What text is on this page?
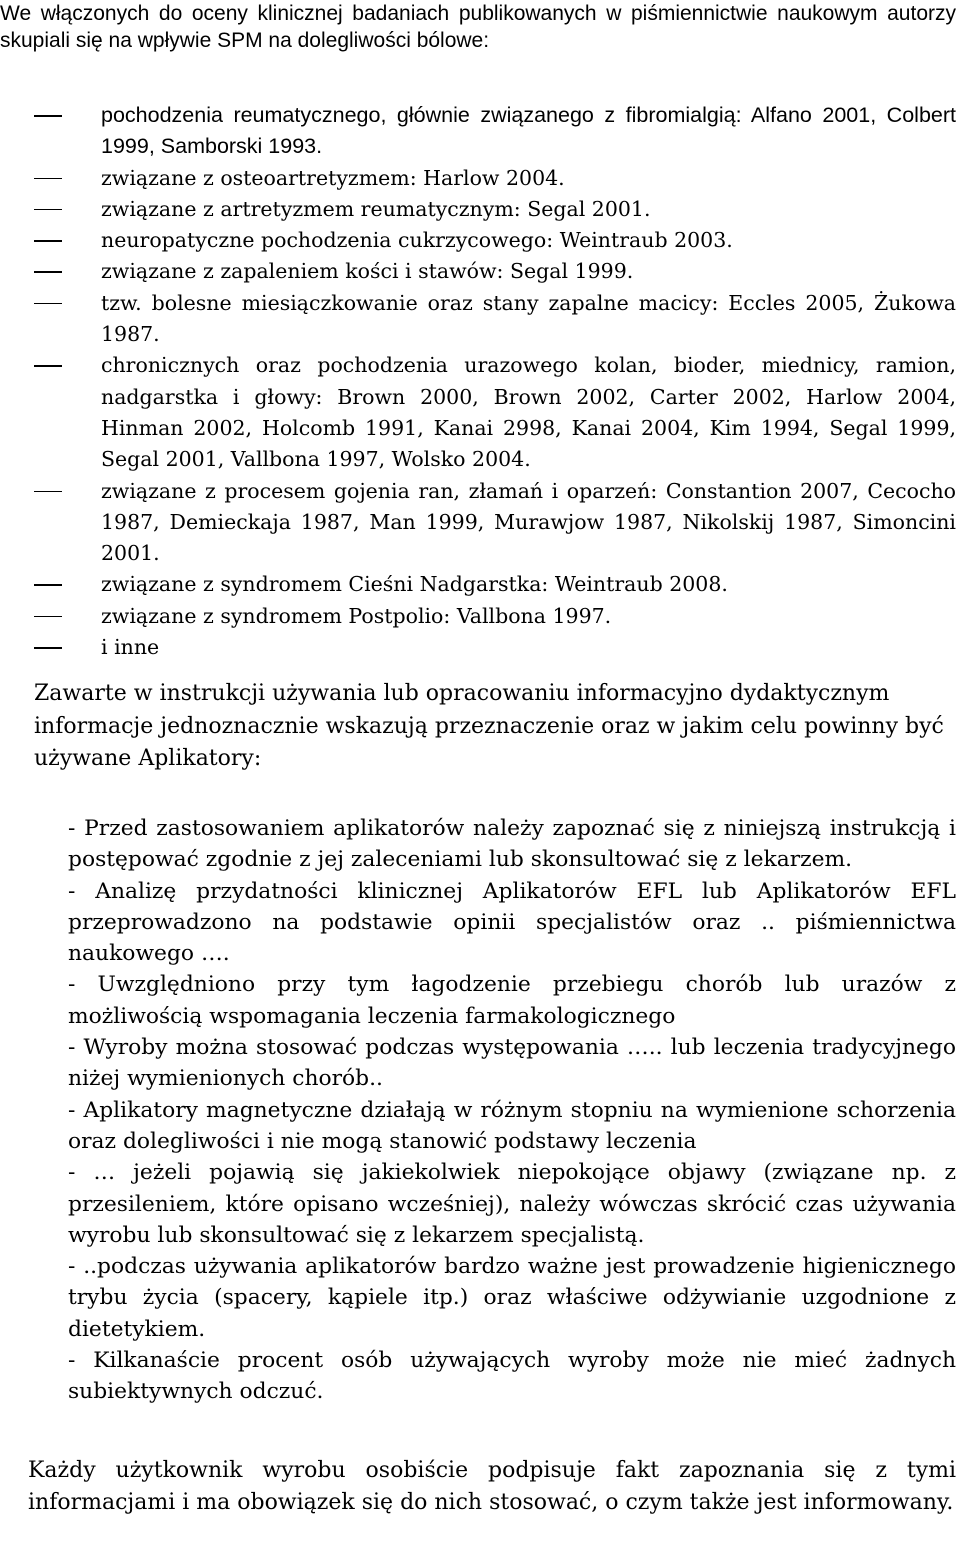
We włączonych do oceny klinicznej badaniach publikowanych w piśmiennictwie naukowym autorzy skupiali się na wpływie SPM na dolegliwości bólowe:

pochodzenia reumatycznego, głównie związanego z fibromialgią: Alfano 2001, Colbert 1999, Samborski 1993.
związane z osteoartretyzmem: Harlow 2004.
związane z artretyzmem reumatycznym: Segal 2001.
neuropatyczne pochodzenia cukrzycowego: Weintraub 2003.
związane z zapaleniem kości i stawów: Segal 1999.
tzw. bolesne miesiączkowanie oraz stany zapalne macicy: Eccles 2005, Żukowa 1987.
chronicznych oraz pochodzenia urazowego kolan, bioder, miednicy, ramion, nadgarstka i głowy: Brown 2000, Brown 2002, Carter 2002, Harlow 2004, Hinman 2002, Holcomb 1991, Kanai 2998, Kanai 2004, Kim 1994, Segal 1999, Segal 2001, Vallbona 1997, Wolsko 2004.
związane z procesem gojenia ran, złamań i oparzeń: Constantion 2007, Cecocho 1987, Demieckaja 1987, Man 1999, Murawjow 1987, Nikolskij 1987, Simoncini 2001.
związane z syndromem Cieśni Nadgarstka: Weintraub 2008.
związane z syndromem Postpolio: Vallbona 1997.
i inne

Zawarte w instrukcji używania lub opracowaniu informacyjno dydaktycznym informacje jednoznacznie wskazują przeznaczenie oraz w jakim celu powinny być używane Aplikatory:

- Przed zastosowaniem aplikatorów należy zapoznać się z niniejszą instrukcją i postępować zgodnie z jej zaleceniami lub skonsultować się z lekarzem.
- Analizę przydatności klinicznej Aplikatorów EFL lub Aplikatorów EFL przeprowadzono na podstawie opinii specjalistów oraz .. piśmiennictwa naukowego ….
- Uwzględniono przy tym łagodzenie przebiegu chorób lub urazów z możliwością wspomagania leczenia farmakologicznego
- Wyroby można stosować podczas występowania ….. lub leczenia tradycyjnego niżej wymienionych chorób..
- Aplikatory magnetyczne działają w różnym stopniu na wymienione schorzenia oraz dolegliwości i nie mogą stanowić podstawy leczenia
- … jeżeli pojawią się jakiekolwiek niepokojące objawy (związane np. z przesileniem, które opisano wcześniej), należy wówczas skrócić czas używania wyrobu lub skonsultować się z lekarzem specjalistą.
- ..podczas używania aplikatorów bardzo ważne jest prowadzenie higienicznego trybu życia (spacery, kąpiele itp.) oraz właściwe odżywianie uzgodnione z dietetykiem.
- Kilkanaście procent osób używających wyroby może nie mieć żadnych subiektywnych odczuć.

Każdy użytkownik wyrobu osobiście podpisuje fakt zapoznania się z tymi informacjami i ma obowiązek się do nich stosować, o czym także jest informowany.
